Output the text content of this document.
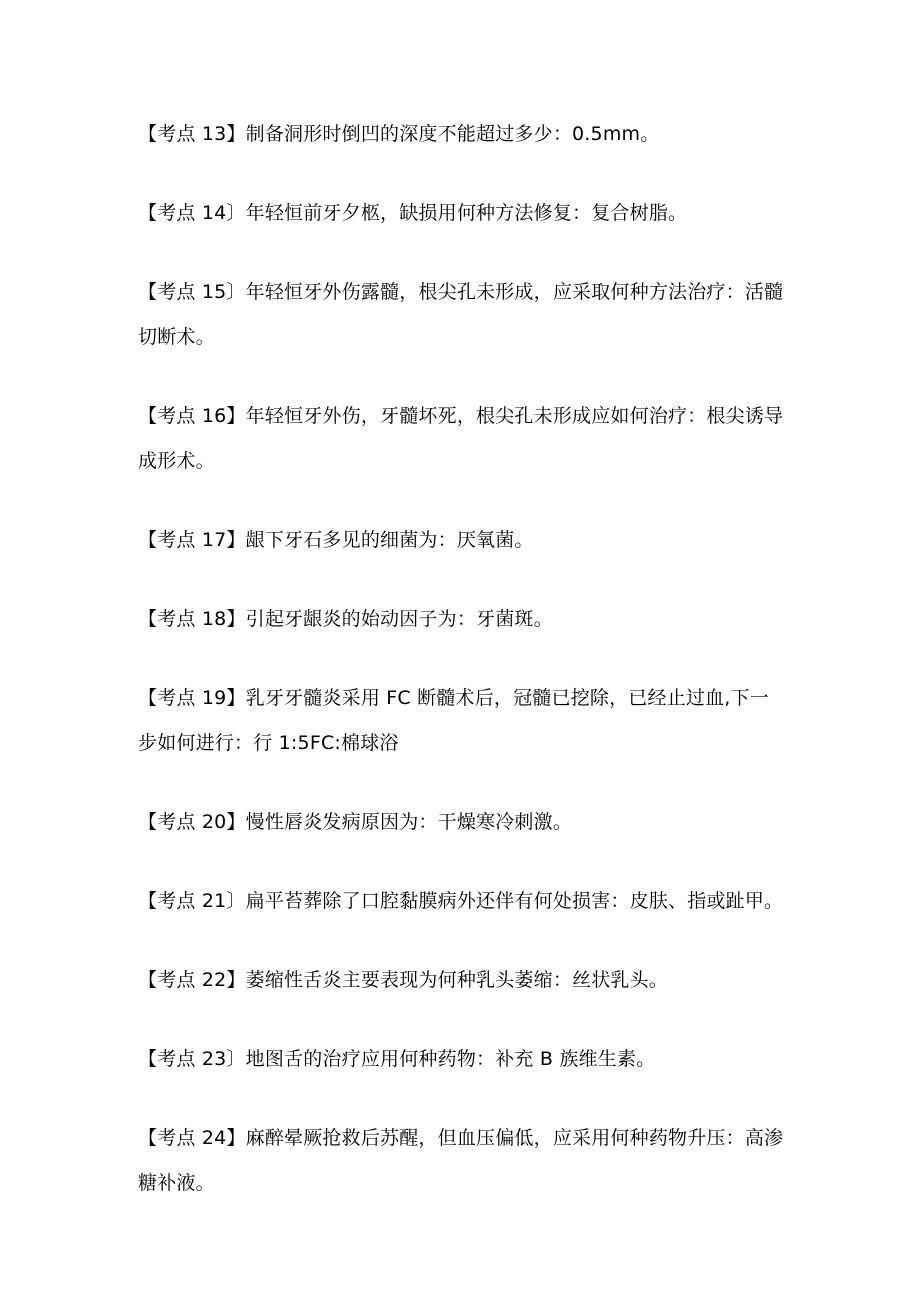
【考点 13】制备洞形时倒凹的深度不能超过多少：0.5mm。

【考点 14〕年轻恒前牙夕柩，缺损用何种方法修复：复合树脂。

【考点 15〕年轻恒牙外伤露髓，根尖孔未形成，应采取何种方法治疗：活髓切断术。

【考点 16】年轻恒牙外伤，牙髓坏死，根尖孔未形成应如何治疗：根尖诱导成形术。

【考点 17】龈下牙石多见的细菌为：厌氧菌。

【考点 18】引起牙龈炎的始动因子为：牙菌斑。

【考点 19】乳牙牙髓炎采用 FC 断髓术后，冠髓已挖除，已经止过血,下一步如何进行：行 1:5FC:棉球浴

【考点 20】慢性唇炎发病原因为：干燥寒冷刺激。

【考点 21〕扁平苔葬除了口腔黏膜病外还伴有何处损害：皮肤、指或趾甲。

【考点 22】萎缩性舌炎主要表现为何种乳头萎缩：丝状乳头。

【考点 23〕地图舌的治疗应用何种药物：补充 B 族维生素。

【考点 24】麻醉晕厥抢救后苏醒，但血压偏低，应采用何种药物升压：高渗糖补液。
